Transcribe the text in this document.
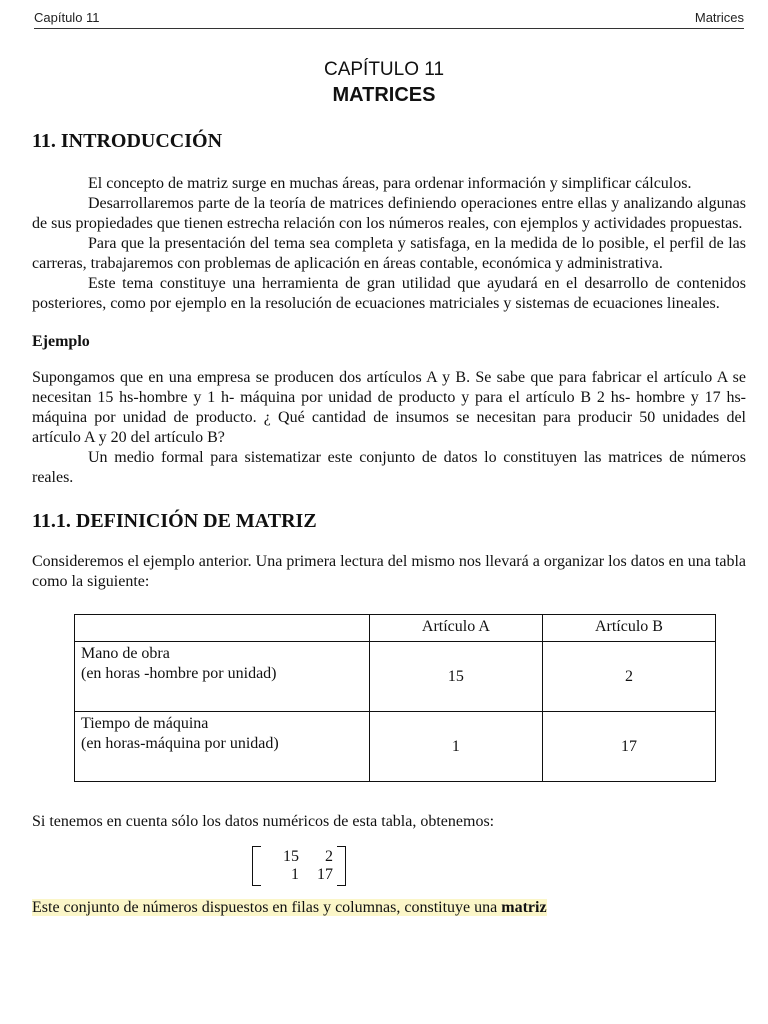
Capítulo 11	Matrices
CAPÍTULO 11
MATRICES
11. INTRODUCCIÓN

El concepto de matriz surge en muchas áreas, para ordenar información y simplificar cálculos.

Desarrollaremos parte de la teoría de matrices definiendo operaciones entre ellas y analizando algunas de sus propiedades que tienen estrecha relación con los números reales, con ejemplos y actividades propuestas.

Para que la presentación del tema sea completa y satisfaga, en la medida de lo posible, el perfil de las carreras, trabajaremos con problemas de aplicación en áreas contable, económica y administrativa.

Este tema constituye una herramienta de gran utilidad que ayudará en el desarrollo de contenidos posteriores, como por ejemplo en la resolución de ecuaciones matriciales y sistemas de ecuaciones lineales.

Ejemplo

Supongamos que en una empresa se producen dos artículos A y B. Se sabe que para fabricar el artículo A se necesitan 15 hs-hombre y 1 h- máquina por unidad de producto y para el artículo B 2 hs- hombre y 17 hs- máquina por unidad de producto. ¿ Qué cantidad de insumos se necesitan para producir 50 unidades del artículo A y 20 del artículo B?

Un medio formal para sistematizar este conjunto de datos lo constituyen las matrices de números reales.

11.1. DEFINICIÓN DE MATRIZ

Consideremos el ejemplo anterior. Una primera lectura del mismo nos llevará a organizar los datos en una tabla como la siguiente:

	Artículo A	Artículo B

Mano de obra
(en horas -hombre por unidad)	15	2

Tiempo de máquina
(en horas-máquina por unidad)	1	17

Si tenemos en cuenta sólo los datos numéricos de esta tabla, obtenemos:

15	2
1	17

Este conjunto de números dispuestos en filas y columnas, constituye una matriz
